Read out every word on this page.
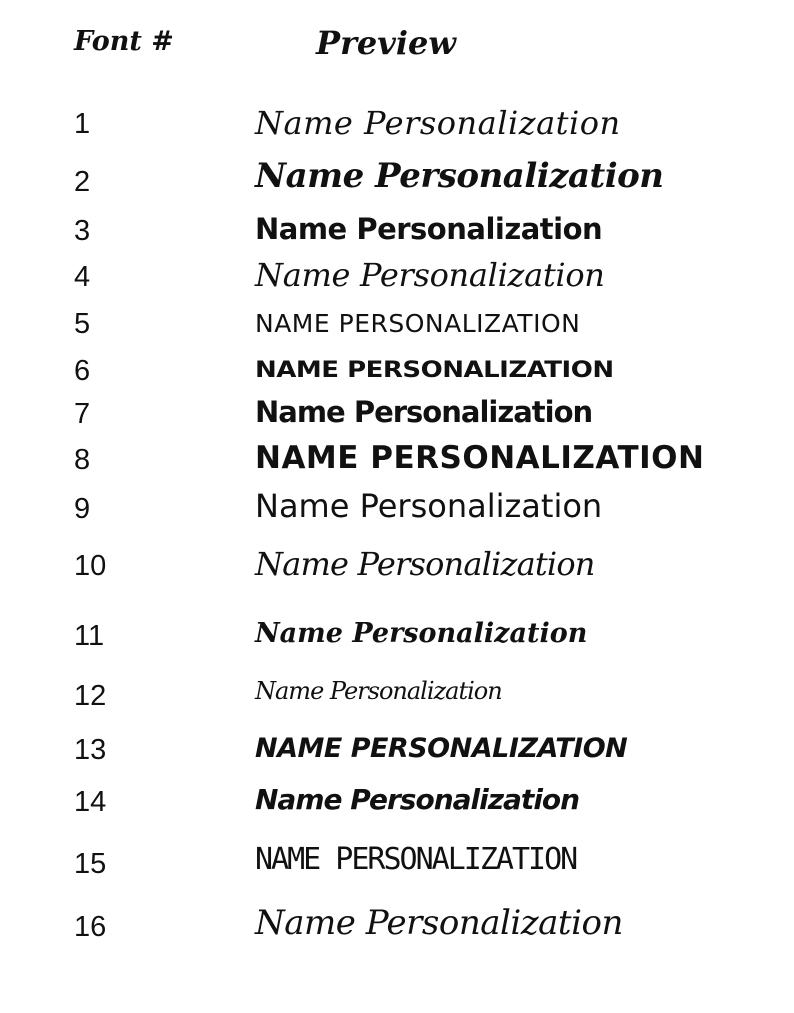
Font #	Preview
1	Name Personalization
2	Name Personalization
3	Name Personalization
4	Name Personalization
5	NAME PERSONALIZATION
6	NAME PERSONALIZATION
7	Name Personalization
8	NAME PERSONALIZATION
9	Name Personalization
10	Name Personalization
11	Name Personalization
12	Name Personalization
13	NAME PERSONALIZATION
14	Name Personalization
15	NAME PERSONALIZATION
16	Name Personalization
